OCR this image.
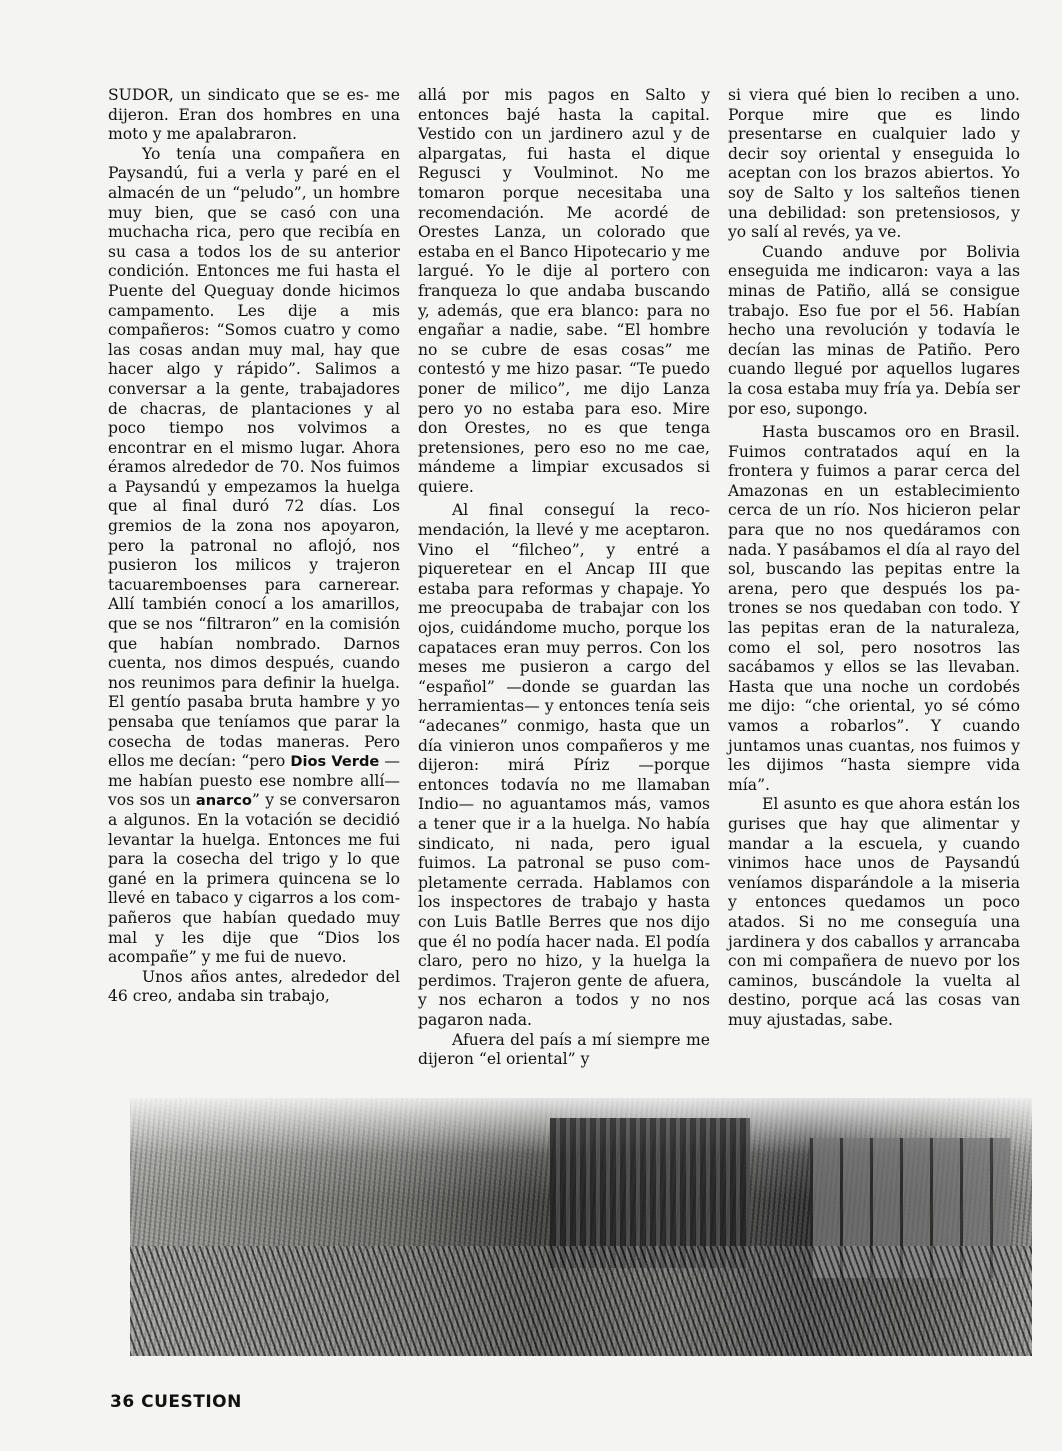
SUDOR, un sindicato que se es- me dijeron. Eran dos hombres en una moto y me apalabraron.

Yo tenía una compañera en Paysandú, fui a verla y paré en el almacén de un “peludo”, un hombre muy bien, que se casó con una muchacha rica, pero que recibía en su casa a todos los de su anterior condición. Entonces me fui hasta el Puente del Queguay donde hicimos campamento. Les dije a mis compañeros: “Somos cuatro y como las cosas andan muy mal, hay que hacer algo y rápido”. Salimos a conversar a la gente, trabajadores de chacras, de plantaciones y al poco tiempo nos volvimos a encontrar en el mismo lugar. Ahora éramos alrededor de 70. Nos fuimos a Paysandú y empezamos la huelga que al final duró 72 días. Los gremios de la zona nos apoyaron, pero la patronal no aflojó, nos pusieron los milicos y trajeron tacuaremboenses para carnerear. Allí también conocí a los amarillos, que se nos “filtraron” en la comisión que habían nombrado. Darnos cuenta, nos dimos después, cuando nos reunimos para definir la huelga. El gentío pasaba bruta hambre y yo pensaba que teníamos que parar la cosecha de todas maneras. Pero ellos me decían: “pero Dios Verde —me habían puesto ese nombre allí— vos sos un anarco” y se conversaron a algunos. En la votación se decidió levantar la huelga. Entonces me fui para la cosecha del trigo y lo que gané en la primera quincena se lo llevé en tabaco y cigarros a los compañeros que habían quedado muy mal y les dije que “Dios los acompañe” y me fui de nuevo.

Unos años antes, alrededor del 46 creo, andaba sin trabajo,

allá por mis pagos en Salto y entonces bajé hasta la capital. Vestido con un jardinero azul y de alpargatas, fui hasta el dique Regusci y Voulminot. No me tomaron porque necesitaba una recomendación. Me acordé de Orestes Lanza, un colorado que estaba en el Banco Hipotecario y me largué. Yo le dije al portero con franqueza lo que andaba buscando y, además, que era blanco: para no engañar a nadie, sabe. “El hombre no se cubre de esas cosas” me contestó y me hizo pasar. “Te puedo poner de milico”, me dijo Lanza pero yo no estaba para eso. Mire don Orestes, no es que tenga pretensiones, pero eso no me cae, mándeme a limpiar excusados si quiere.

Al final conseguí la recomendación, la llevé y me aceptaron. Vino el “filcheo”, y entré a piqueretear en el Ancap III que estaba para reformas y chapaje. Yo me preocupaba de trabajar con los ojos, cuidándome mucho, porque los capataces eran muy perros. Con los meses me pusieron a cargo del “español” —donde se guardan las herramientas— y entonces tenía seis “adecanes” conmigo, hasta que un día vinieron unos compañeros y me dijeron: mirá Píriz —porque entonces todavía no me llamaban Indio— no aguantamos más, vamos a tener que ir a la huelga. No había sindicato, ni nada, pero igual fuimos. La patronal se puso completamente cerrada. Hablamos con los inspectores de trabajo y hasta con Luis Batlle Berres que nos dijo que él no podía hacer nada. El podía claro, pero no hizo, y la huelga la perdimos. Trajeron gente de afuera, y nos echaron a todos y no nos pagaron nada.

Afuera del país a mí siempre me dijeron “el oriental” y

si viera qué bien lo reciben a uno. Porque mire que es lindo presentarse en cualquier lado y decir soy oriental y enseguida lo aceptan con los brazos abiertos. Yo soy de Salto y los salteños tienen una debilidad: son pretensiosos, y yo salí al revés, ya ve.

Cuando anduve por Bolivia enseguida me indicaron: vaya a las minas de Patiño, allá se consigue trabajo. Eso fue por el 56. Habían hecho una revolución y todavía le decían las minas de Patiño. Pero cuando llegué por aquellos lugares la cosa estaba muy fría ya. Debía ser por eso, supongo.

Hasta buscamos oro en Brasil. Fuimos contratados aquí en la frontera y fuimos a parar cerca del Amazonas en un establecimiento cerca de un río. Nos hicieron pelar para que no nos quedáramos con nada. Y pasábamos el día al rayo del sol, buscando las pepitas entre la arena, pero que después los patrones se nos quedaban con todo. Y las pepitas eran de la naturaleza, como el sol, pero nosotros las sacábamos y ellos se las llevaban. Hasta que una noche un cordobés me dijo: “che oriental, yo sé cómo vamos a robarlos”. Y cuando juntamos unas cuantas, nos fuimos y les dijimos “hasta siempre vida mía”.

El asunto es que ahora están los gurises que hay que alimentar y mandar a la escuela, y cuando vinimos hace unos de Paysandú veníamos disparándole a la miseria y entonces quedamos un poco atados. Si no me conseguía una jardinera y dos caballos y arrancaba con mi compañera de nuevo por los caminos, buscándole la vuelta al destino, porque acá las cosas van muy ajustadas, sabe.

36 CUESTION
